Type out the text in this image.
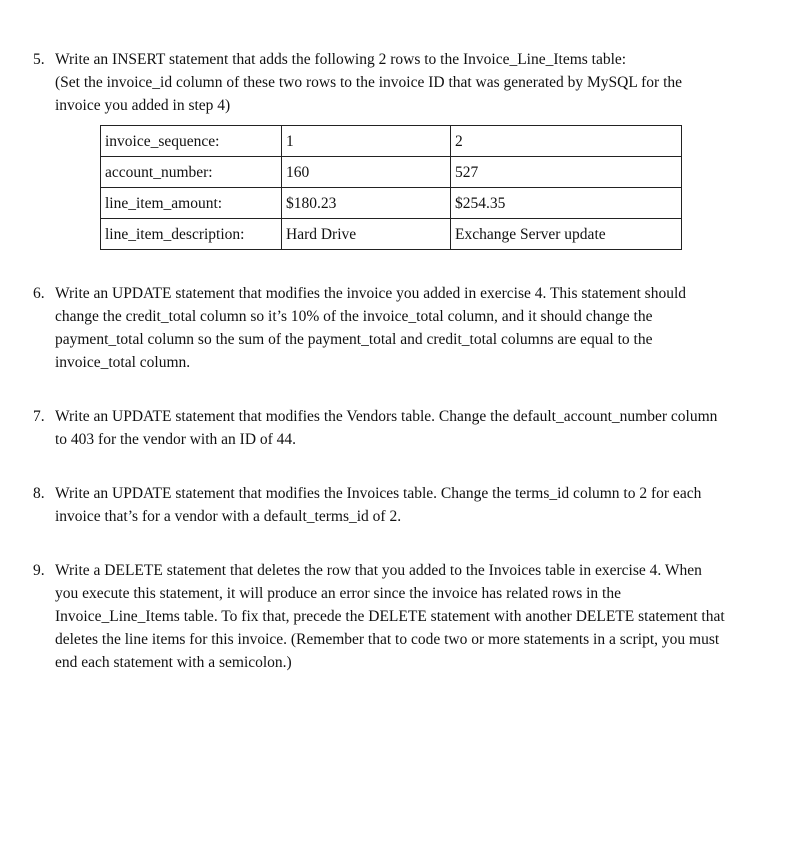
5. Write an INSERT statement that adds the following 2 rows to the Invoice_Line_Items table:
(Set the invoice_id column of these two rows to the invoice ID that was generated by MySQL for the
invoice you added in step 4)
invoice_sequence:	1	2
account_number:	160	527
line_item_amount:	$180.23	$254.35
line_item_description:	Hard Drive	Exchange Server update
6. Write an UPDATE statement that modifies the invoice you added in exercise 4. This statement should
change the credit_total column so it’s 10% of the invoice_total column, and it should change the
payment_total column so the sum of the payment_total and credit_total columns are equal to the
invoice_total column.
7. Write an UPDATE statement that modifies the Vendors table. Change the default_account_number column
to 403 for the vendor with an ID of 44.
8. Write an UPDATE statement that modifies the Invoices table. Change the terms_id column to 2 for each
invoice that’s for a vendor with a default_terms_id of 2.
9. Write a DELETE statement that deletes the row that you added to the Invoices table in exercise 4. When
you execute this statement, it will produce an error since the invoice has related rows in the
Invoice_Line_Items table. To fix that, precede the DELETE statement with another DELETE statement that
deletes the line items for this invoice. (Remember that to code two or more statements in a script, you must
end each statement with a semicolon.)
